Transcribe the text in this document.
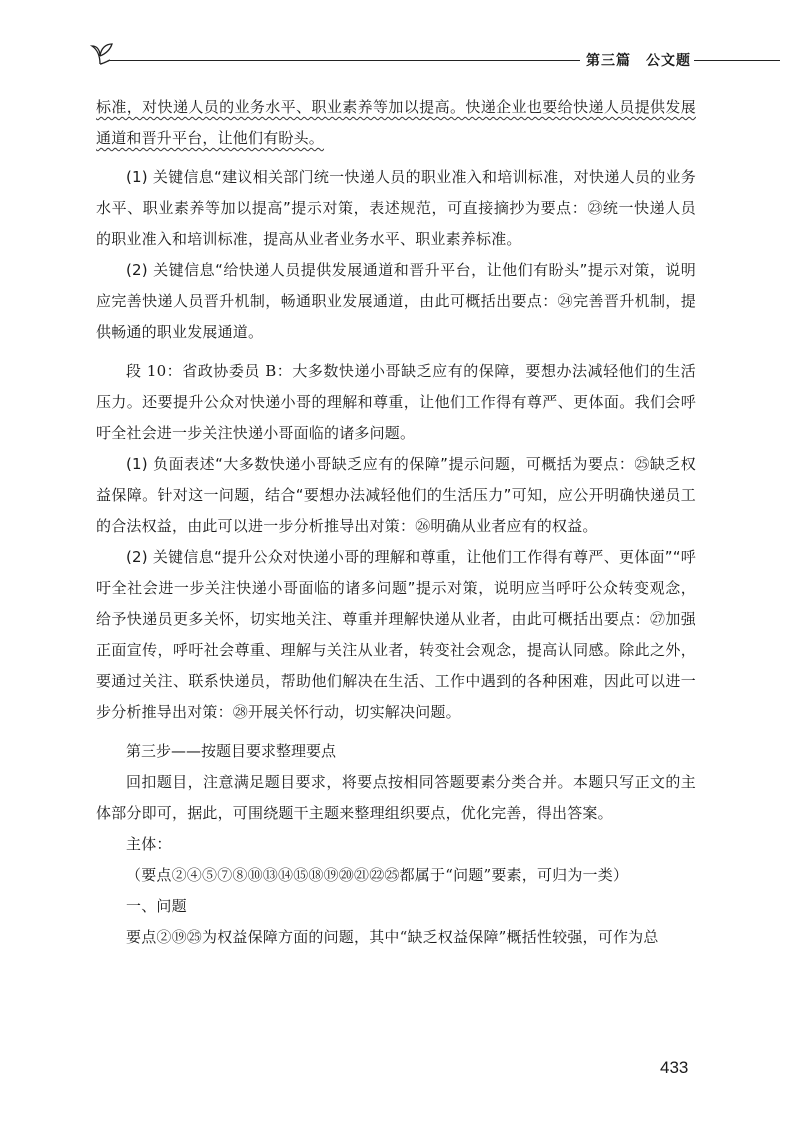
第三篇　公文题

标准，对快递人员的业务水平、职业素养等加以提高。快递企业也要给快递人员提供发展通道和晋升平台，让他们有盼头。

(1) 关键信息“建议相关部门统一快递人员的职业准入和培训标准，对快递人员的业务水平、职业素养等加以提高”提示对策，表述规范，可直接摘抄为要点：㉓统一快递人员的职业准入和培训标准，提高从业者业务水平、职业素养标准。

(2) 关键信息“给快递人员提供发展通道和晋升平台，让他们有盼头”提示对策，说明应完善快递人员晋升机制，畅通职业发展通道，由此可概括出要点：㉔完善晋升机制，提供畅通的职业发展通道。

段 10：省政协委员 B：大多数快递小哥缺乏应有的保障，要想办法减轻他们的生活压力。还要提升公众对快递小哥的理解和尊重，让他们工作得有尊严、更体面。我们会呼吁全社会进一步关注快递小哥面临的诸多问题。

(1) 负面表述“大多数快递小哥缺乏应有的保障”提示问题，可概括为要点：㉕缺乏权益保障。针对这一问题，结合“要想办法减轻他们的生活压力”可知，应公开明确快递员工的合法权益，由此可以进一步分析推导出对策：㉖明确从业者应有的权益。

(2) 关键信息“提升公众对快递小哥的理解和尊重，让他们工作得有尊严、更体面”“呼吁全社会进一步关注快递小哥面临的诸多问题”提示对策，说明应当呼吁公众转变观念，给予快递员更多关怀，切实地关注、尊重并理解快递从业者，由此可概括出要点：㉗加强正面宣传，呼吁社会尊重、理解与关注从业者，转变社会观念，提高认同感。除此之外，要通过关注、联系快递员，帮助他们解决在生活、工作中遇到的各种困难，因此可以进一步分析推导出对策：㉘开展关怀行动，切实解决问题。

第三步——按题目要求整理要点

回扣题目，注意满足题目要求，将要点按相同答题要素分类合并。本题只写正文的主体部分即可，据此，可围绕题干主题来整理组织要点，优化完善，得出答案。

主体：

（要点②④⑤⑦⑧⑩⑬⑭⑮⑱⑲⑳㉑㉒㉕都属于“问题”要素，可归为一类）

一、问题

要点②⑲㉕为权益保障方面的问题，其中“缺乏权益保障”概括性较强，可作为总

433
